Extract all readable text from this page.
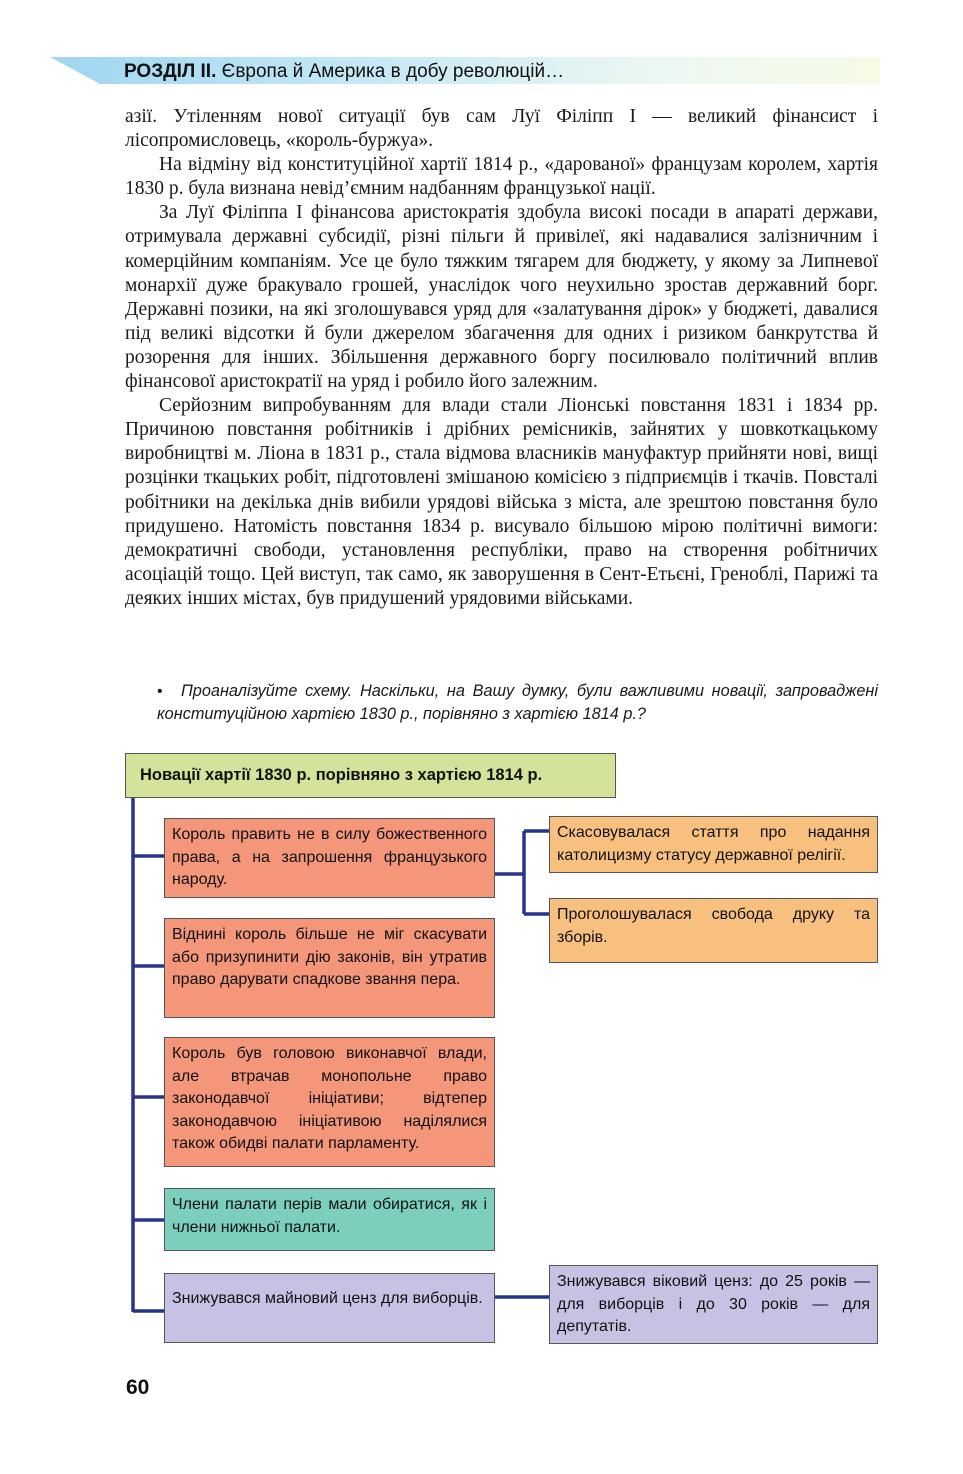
РОЗДІЛ II. Європа й Америка в добу революцій…

азії. Утіленням нової ситуації був сам Луї Філіпп I — великий фінансист і лісопромисловець, «король-буржуа».

На відміну від конституційної хартії 1814 р., «дарованої» французам королем, хартія 1830 р. була визнана невід’ємним надбанням французької нації.

За Луї Філіппа I фінансова аристократія здобула високі посади в апараті держави, отримувала державні субсидії, різні пільги й привілеї, які надавалися залізничним і комерційним компаніям. Усе це було тяжким тягарем для бюджету, у якому за Липневої монархії дуже бракувало грошей, унаслідок чого неухильно зростав державний борг. Державні позики, на які зголошувався уряд для «залатування дірок» у бюджеті, давалися під великі відсотки й були джерелом збагачення для одних і ризиком банкрутства й розорення для інших. Збільшення державного боргу посилювало політичний вплив фінансової аристократії на уряд і робило його залежним.

Серйозним випробуванням для влади стали Ліонські повстання 1831 і 1834 рр. Причиною повстання робітників і дрібних ремісників, зайнятих у шовкоткацькому виробництві м. Ліона в 1831 р., стала відмова власників мануфактур прийняти нові, вищі розцінки ткацьких робіт, підготовлені змішаною комісією з підприємців і ткачів. Повсталі робітники на декілька днів вибили урядові війська з міста, але зрештою повстання було придушено. Натомість повстання 1834 р. висувало більшою мірою політичні вимоги: демократичні свободи, установлення республіки, право на створення робітничих асоціацій тощо. Цей виступ, так само, як заворушення в Сент-Етьєні, Греноблі, Парижі та деяких інших містах, був придушений урядовими військами.

•	Проаналізуйте схему. Наскільки, на Вашу думку, були важливими новації, запроваджені конституційною хартією 1830 р., порівняно з хартією 1814 р.?
Новації хартії 1830 р. порівняно з хартією 1814 р.
Король править не в силу божественного права, а на запрошення французького народу.
Віднині король більше не міг скасувати або призупинити дію законів, він утратив право дарувати спадкове звання пера.
Король був головою виконавчої влади, але втрачав монопольне право законодавчої ініціативи; відтепер законодавчою ініціативою наділялися також обидві палати парламенту.
Члени палати перів мали обиратися, як і члени нижньої палати.
Знижувався майновий ценз для виборців.
Скасовувалася стаття про надання католицизму статусу державної релігії.
Проголошувалася свобода друку та зборів.
Знижувався віковий ценз: до 25 років — для виборців і до 30 років — для депутатів.
60
